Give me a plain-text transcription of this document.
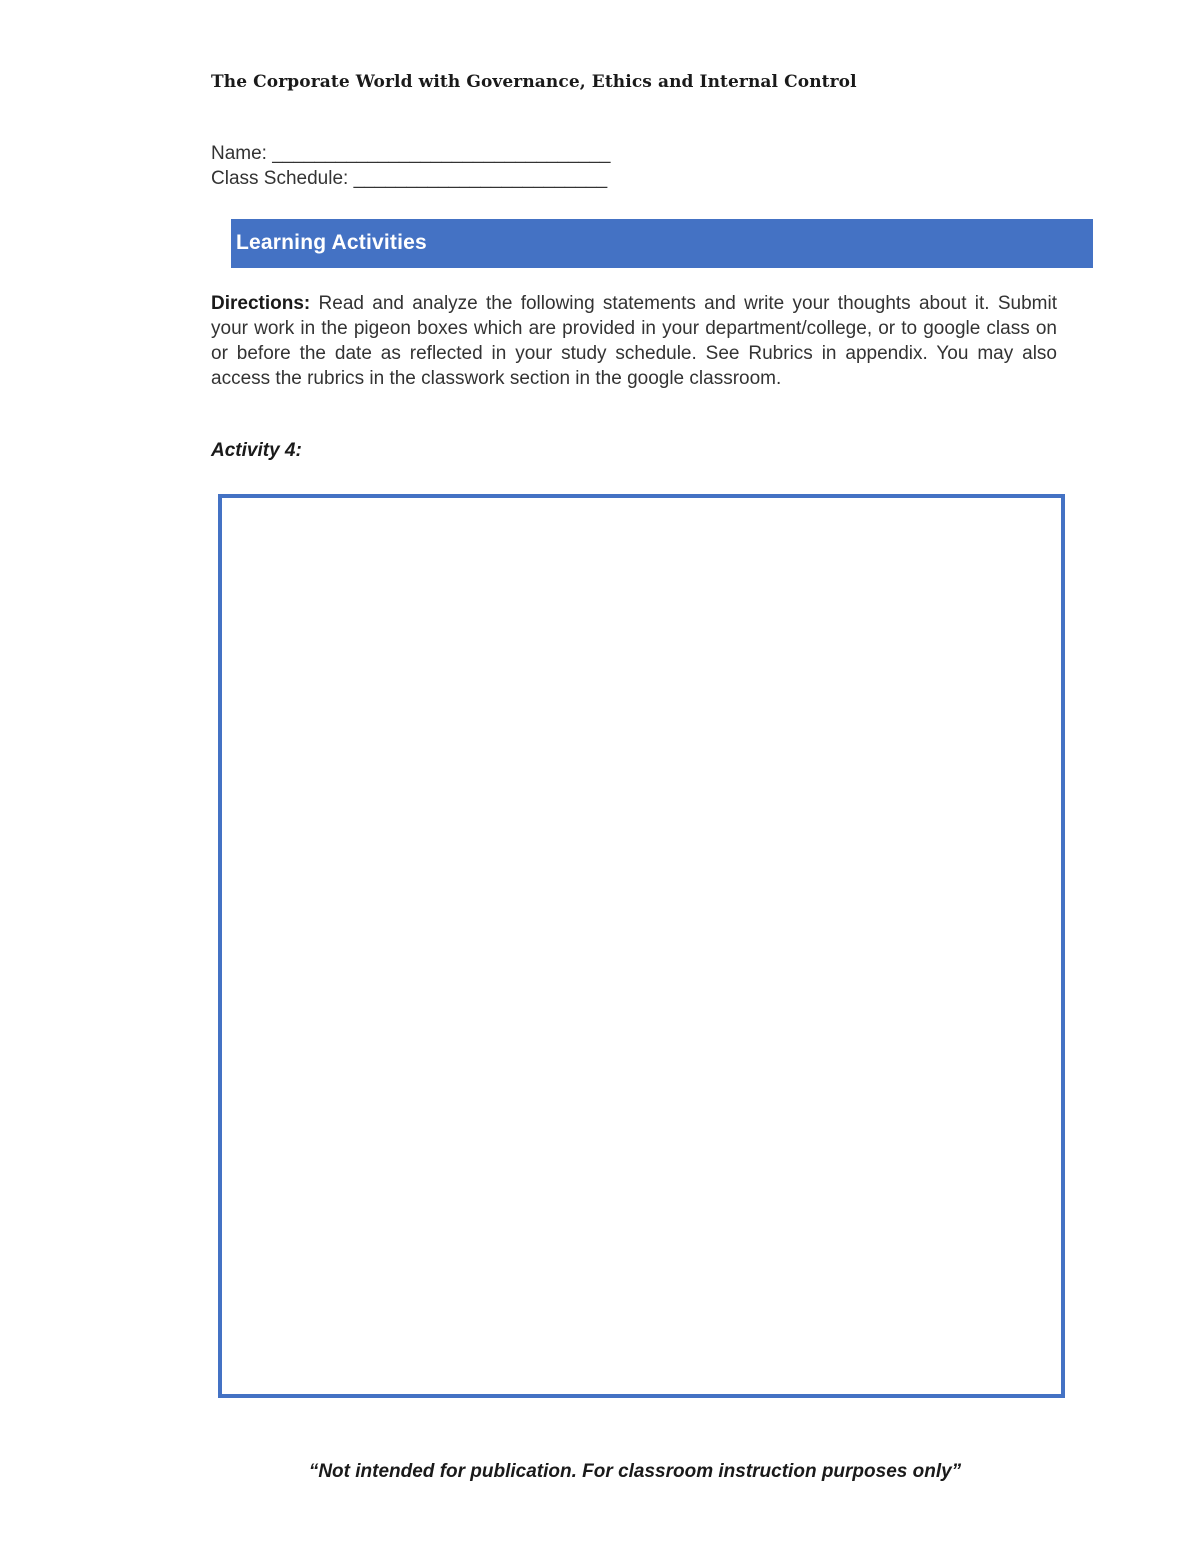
The Corporate World with Governance, Ethics and Internal Control
Name: ________________________________
Class Schedule: ________________________
Learning Activities
Directions: Read and analyze the following statements and write your thoughts about it. Submit your work in the pigeon boxes which are provided in your department/college, or to google class on or before the date as reflected in your study schedule. See Rubrics in appendix. You may also access the rubrics in the classwork section in the google classroom.
Activity 4:
“Not intended for publication. For classroom instruction purposes only”
